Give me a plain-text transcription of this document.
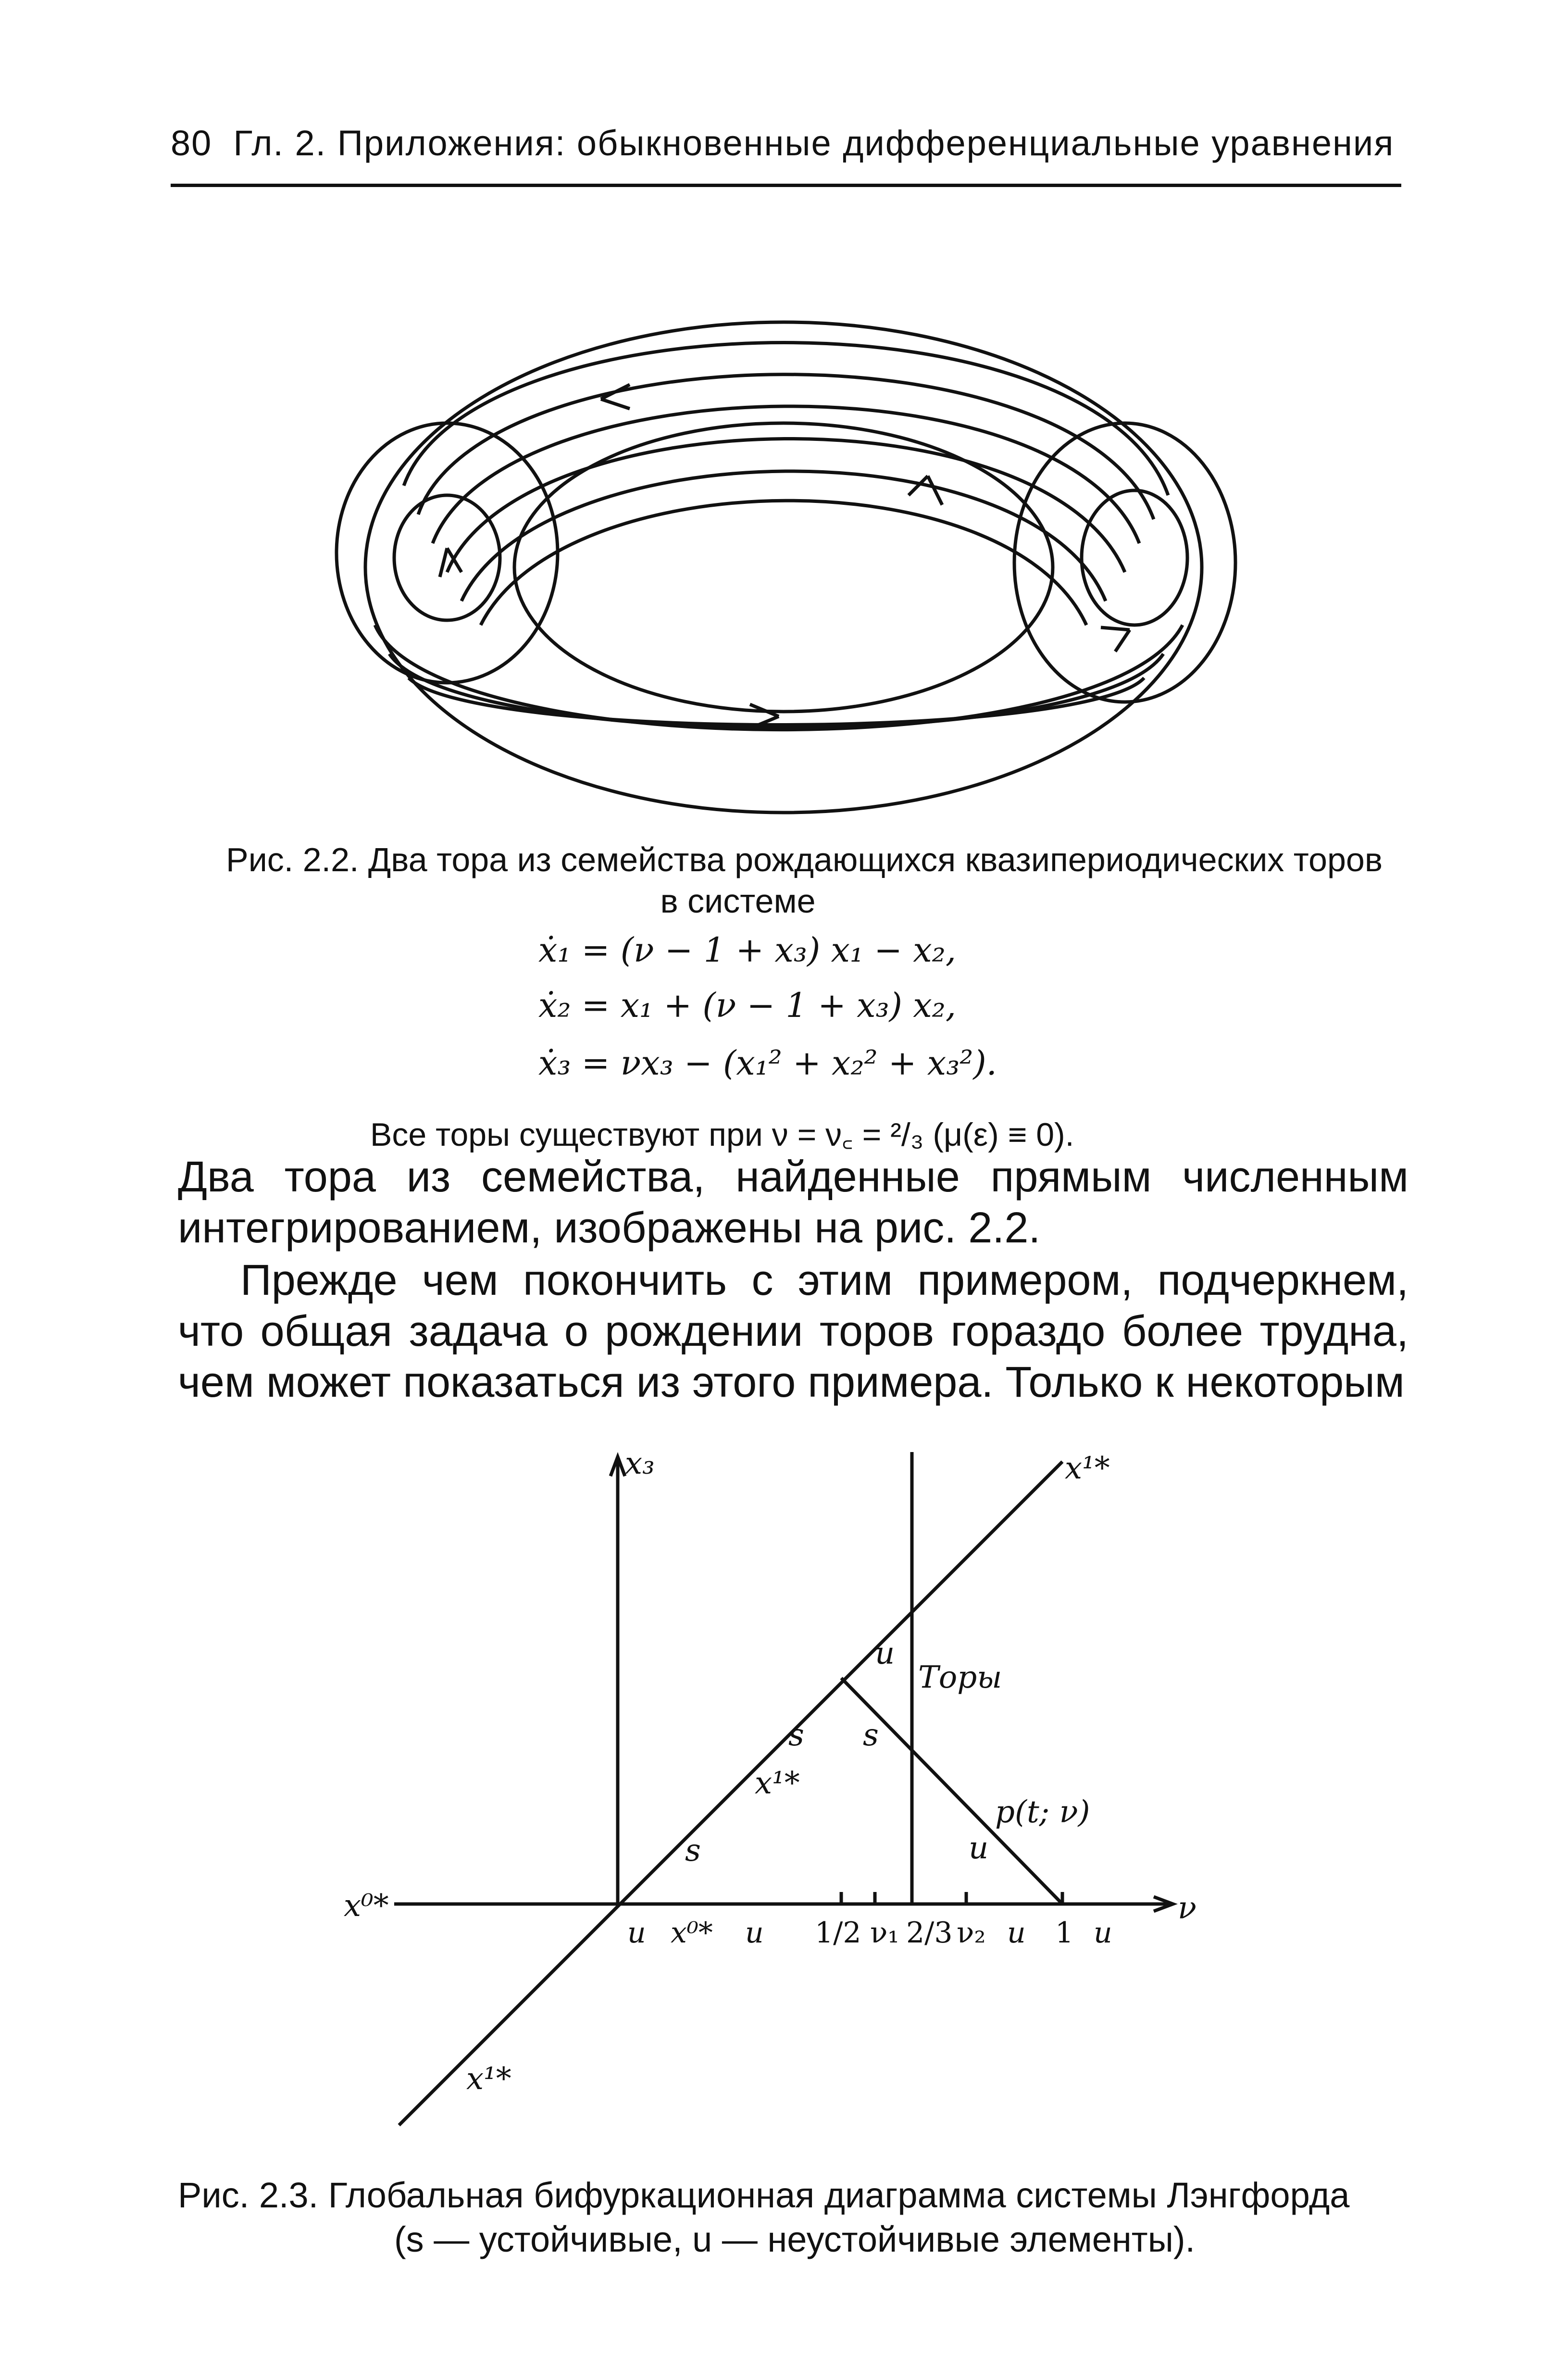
80 Гл. 2. Приложения: обыкновенные дифференциальные уравнения
Рис. 2.2. Два тора из семейства рождающихся квазипериодических торов
в системе
ẋ₁ = (ν − 1 + x₃) x₁ − x₂,
ẋ₂ = x₁ + (ν − 1 + x₃) x₂,
ẋ₃ = νx₃ − (x₁² + x₂² + x₃²).
Все торы существуют при ν = ν꜀ = ²/₃ (μ(ε) ≡ 0).
Два тора из семейства, найденные прямым численным интегрированием, изображены на рис. 2.2.
Прежде чем покончить с этим примером, подчеркнем, что общая задача о рождении торов гораздо более трудна, чем может показаться из этого примера. Только к некоторым
x₃
ν
x⁰*
x¹*
x¹*
x¹*
Торы
p(t; ν)
u
s s
s	u
u x⁰* u 1/2 ν₁ 2/3 ν₂ u 1 u
Рис. 2.3. Глобальная бифуркационная диаграмма системы Лэнгфорда
(s — устойчивые, u — неустойчивые элементы).
